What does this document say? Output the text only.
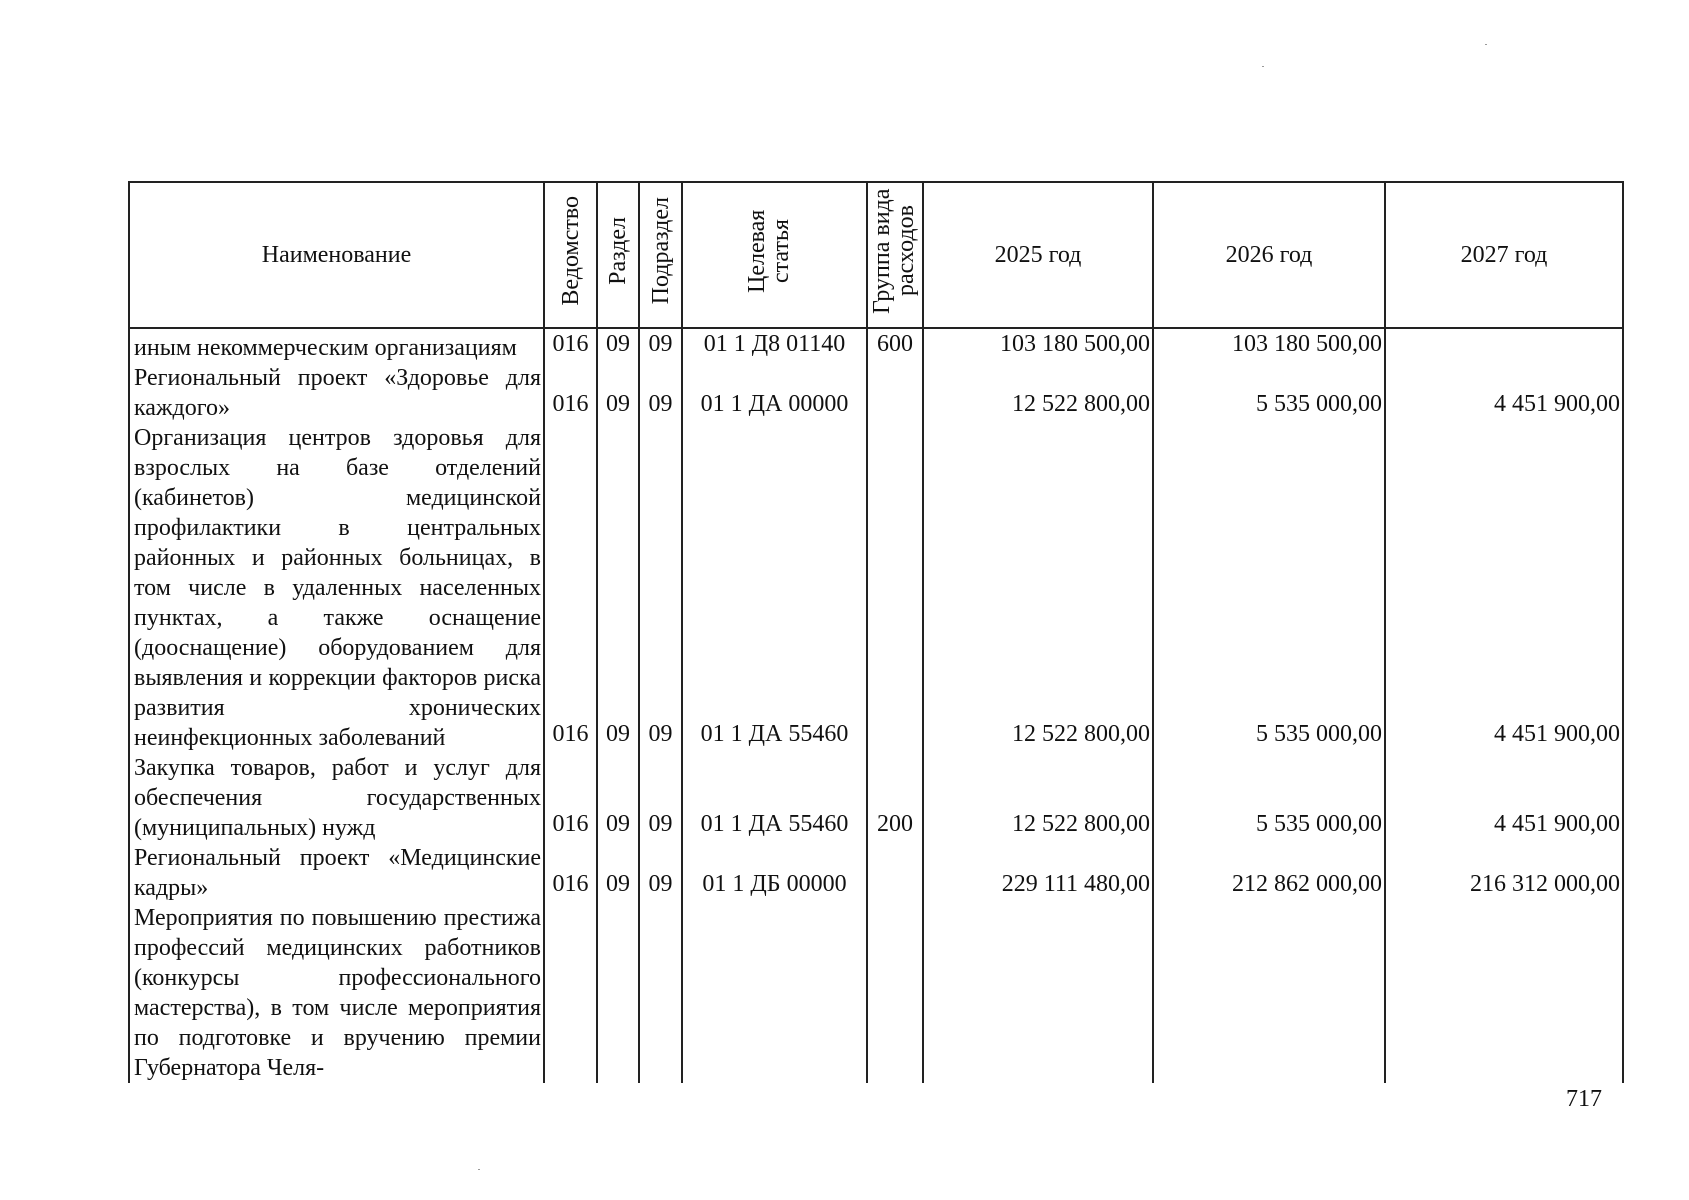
Наименование	Ведомство	Раздел	Подраздел	Целевая статья	Группа вида расходов	2025 год	2026 год	2027 год
иным некоммерческим организациям	016	09	09	01 1 Д8 01140	600	103 180 500,00	103 180 500,00	

Региональный проект «Здоровье для каждого»	016	09	09	01 1 ДА 00000		12 522 800,00	5 535 000,00	4 451 900,00

Организация центров здоровья для взрослых на базе отделений (кабинетов) медицинской профилактики в центральных районных и районных больницах, в том числе в удаленных населенных пунктах, а также оснащение (дооснащение) оборудованием для выявления и коррекции факторов риска развития хронических неинфекционных заболеваний	016	09	09	01 1 ДА 55460		12 522 800,00	5 535 000,00	4 451 900,00

Закупка товаров, работ и услуг для обеспечения государственных (муниципальных) нужд	016	09	09	01 1 ДА 55460	200	12 522 800,00	5 535 000,00	4 451 900,00

Региональный проект «Медицинские кадры»	016	09	09	01 1 ДБ 00000		229 111 480,00	212 862 000,00	216 312 000,00

Мероприятия по повышению престижа профессий медицинских работников (конкурсы профессионального мастерства), в том числе мероприятия по подготовке и вручению премии Губернатора Челя-	

717
